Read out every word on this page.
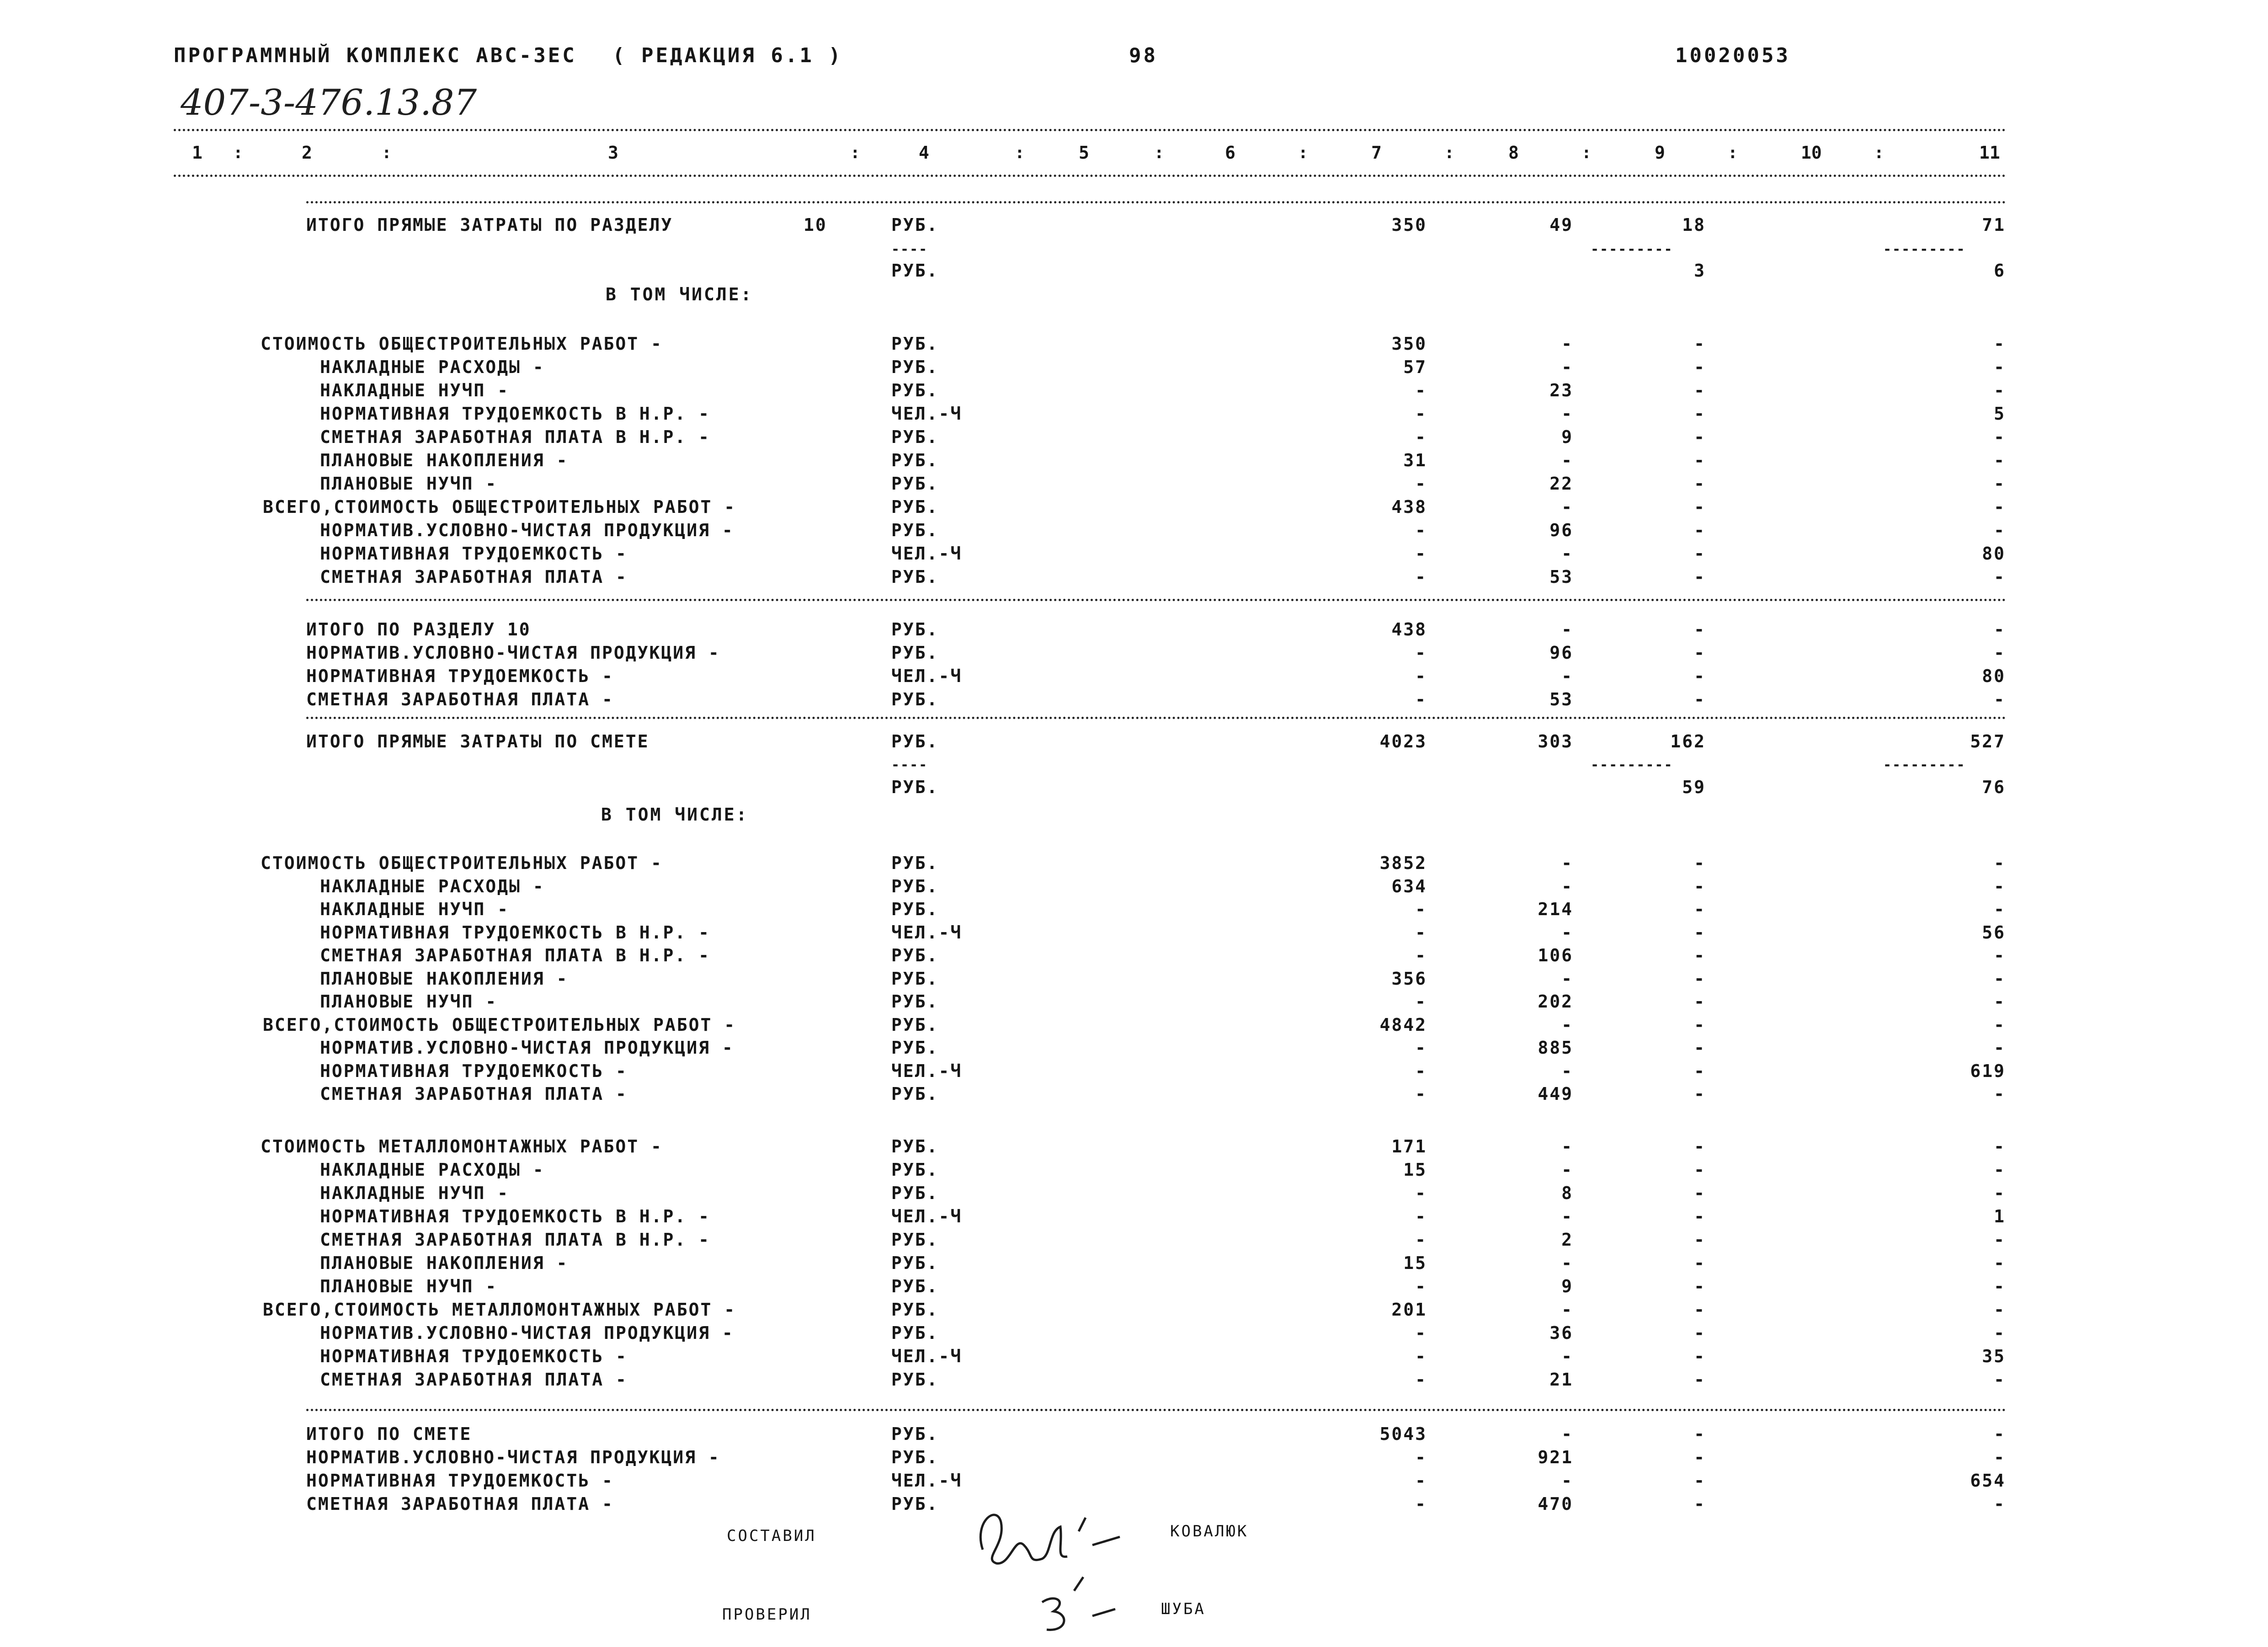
ПРОГРАММНЫЙ КОМПЛЕКС АВС-3ЕС ( РЕДАКЦИЯ 6.1 )	98	10020053
407-3-476.13.87
1	2	3	4	5	6	7	8	9	10	11
:	:	:	:	:	:	:	:	:	:
ИТОГО ПРЯМЫЕ ЗАТРАТЫ ПО РАЗДЕЛУ	10	РУБ.	350	49	18	71
----	---------	---------
РУБ.	3	6
В ТОМ ЧИСЛЕ:
СТОИМОСТЬ ОБЩЕСТРОИТЕЛЬНЫХ РАБОТ -	РУБ.	350	-	-	-
НАКЛАДНЫЕ РАСХОДЫ -	РУБ.	57	-	-	-
НАКЛАДНЫЕ НУЧП -	РУБ.	-	23	-	-
НОРМАТИВНАЯ ТРУДОЕМКОСТЬ В Н.Р. -	ЧЕЛ.-Ч	-	-	-	5
СМЕТНАЯ ЗАРАБОТНАЯ ПЛАТА В Н.Р. -	РУБ.	-	9	-	-
ПЛАНОВЫЕ НАКОПЛЕНИЯ -	РУБ.	31	-	-	-
ПЛАНОВЫЕ НУЧП -	РУБ.	-	22	-	-
ВСЕГО,СТОИМОСТЬ ОБЩЕСТРОИТЕЛЬНЫХ РАБОТ -	РУБ.	438	-	-	-
НОРМАТИВ.УСЛОВНО-ЧИСТАЯ ПРОДУКЦИЯ -	РУБ.	-	96	-	-
НОРМАТИВНАЯ ТРУДОЕМКОСТЬ -	ЧЕЛ.-Ч	-	-	-	80
СМЕТНАЯ ЗАРАБОТНАЯ ПЛАТА -	РУБ.	-	53	-	-
ИТОГО ПО РАЗДЕЛУ 10	РУБ.	438	-	-	-
НОРМАТИВ.УСЛОВНО-ЧИСТАЯ ПРОДУКЦИЯ -	РУБ.	-	96	-	-
НОРМАТИВНАЯ ТРУДОЕМКОСТЬ -	ЧЕЛ.-Ч	-	-	-	80
СМЕТНАЯ ЗАРАБОТНАЯ ПЛАТА -	РУБ.	-	53	-	-
ИТОГО ПРЯМЫЕ ЗАТРАТЫ ПО СМЕТЕ	РУБ.	4023	303	162	527
----	---------	---------
РУБ.	59	76
В ТОМ ЧИСЛЕ:
СТОИМОСТЬ ОБЩЕСТРОИТЕЛЬНЫХ РАБОТ -	РУБ.	3852	-	-	-
НАКЛАДНЫЕ РАСХОДЫ -	РУБ.	634	-	-	-
НАКЛАДНЫЕ НУЧП -	РУБ.	-	214	-	-
НОРМАТИВНАЯ ТРУДОЕМКОСТЬ В Н.Р. -	ЧЕЛ.-Ч	-	-	-	56
СМЕТНАЯ ЗАРАБОТНАЯ ПЛАТА В Н.Р. -	РУБ.	-	106	-	-
ПЛАНОВЫЕ НАКОПЛЕНИЯ -	РУБ.	356	-	-	-
ПЛАНОВЫЕ НУЧП -	РУБ.	-	202	-	-
ВСЕГО,СТОИМОСТЬ ОБЩЕСТРОИТЕЛЬНЫХ РАБОТ -	РУБ.	4842	-	-	-
НОРМАТИВ.УСЛОВНО-ЧИСТАЯ ПРОДУКЦИЯ -	РУБ.	-	885	-	-
НОРМАТИВНАЯ ТРУДОЕМКОСТЬ -	ЧЕЛ.-Ч	-	-	-	619
СМЕТНАЯ ЗАРАБОТНАЯ ПЛАТА -	РУБ.	-	449	-	-
СТОИМОСТЬ МЕТАЛЛОМОНТАЖНЫХ РАБОТ -	РУБ.	171	-	-	-
НАКЛАДНЫЕ РАСХОДЫ -	РУБ.	15	-	-	-
НАКЛАДНЫЕ НУЧП -	РУБ.	-	8	-	-
НОРМАТИВНАЯ ТРУДОЕМКОСТЬ В Н.Р. -	ЧЕЛ.-Ч	-	-	-	1
СМЕТНАЯ ЗАРАБОТНАЯ ПЛАТА В Н.Р. -	РУБ.	-	2	-	-
ПЛАНОВЫЕ НАКОПЛЕНИЯ -	РУБ.	15	-	-	-
ПЛАНОВЫЕ НУЧП -	РУБ.	-	9	-	-
ВСЕГО,СТОИМОСТЬ МЕТАЛЛОМОНТАЖНЫХ РАБОТ -	РУБ.	201	-	-	-
НОРМАТИВ.УСЛОВНО-ЧИСТАЯ ПРОДУКЦИЯ -	РУБ.	-	36	-	-
НОРМАТИВНАЯ ТРУДОЕМКОСТЬ -	ЧЕЛ.-Ч	-	-	-	35
СМЕТНАЯ ЗАРАБОТНАЯ ПЛАТА -	РУБ.	-	21	-	-
ИТОГО ПО СМЕТЕ	РУБ.	5043	-	-	-
НОРМАТИВ.УСЛОВНО-ЧИСТАЯ ПРОДУКЦИЯ -	РУБ.	-	921	-	-
НОРМАТИВНАЯ ТРУДОЕМКОСТЬ -	ЧЕЛ.-Ч	-	-	-	654
СМЕТНАЯ ЗАРАБОТНАЯ ПЛАТА -	РУБ.	-	470	-	-
СОСТАВИЛ	КОВАЛЮК
ПРОВЕРИЛ	ШУБА
